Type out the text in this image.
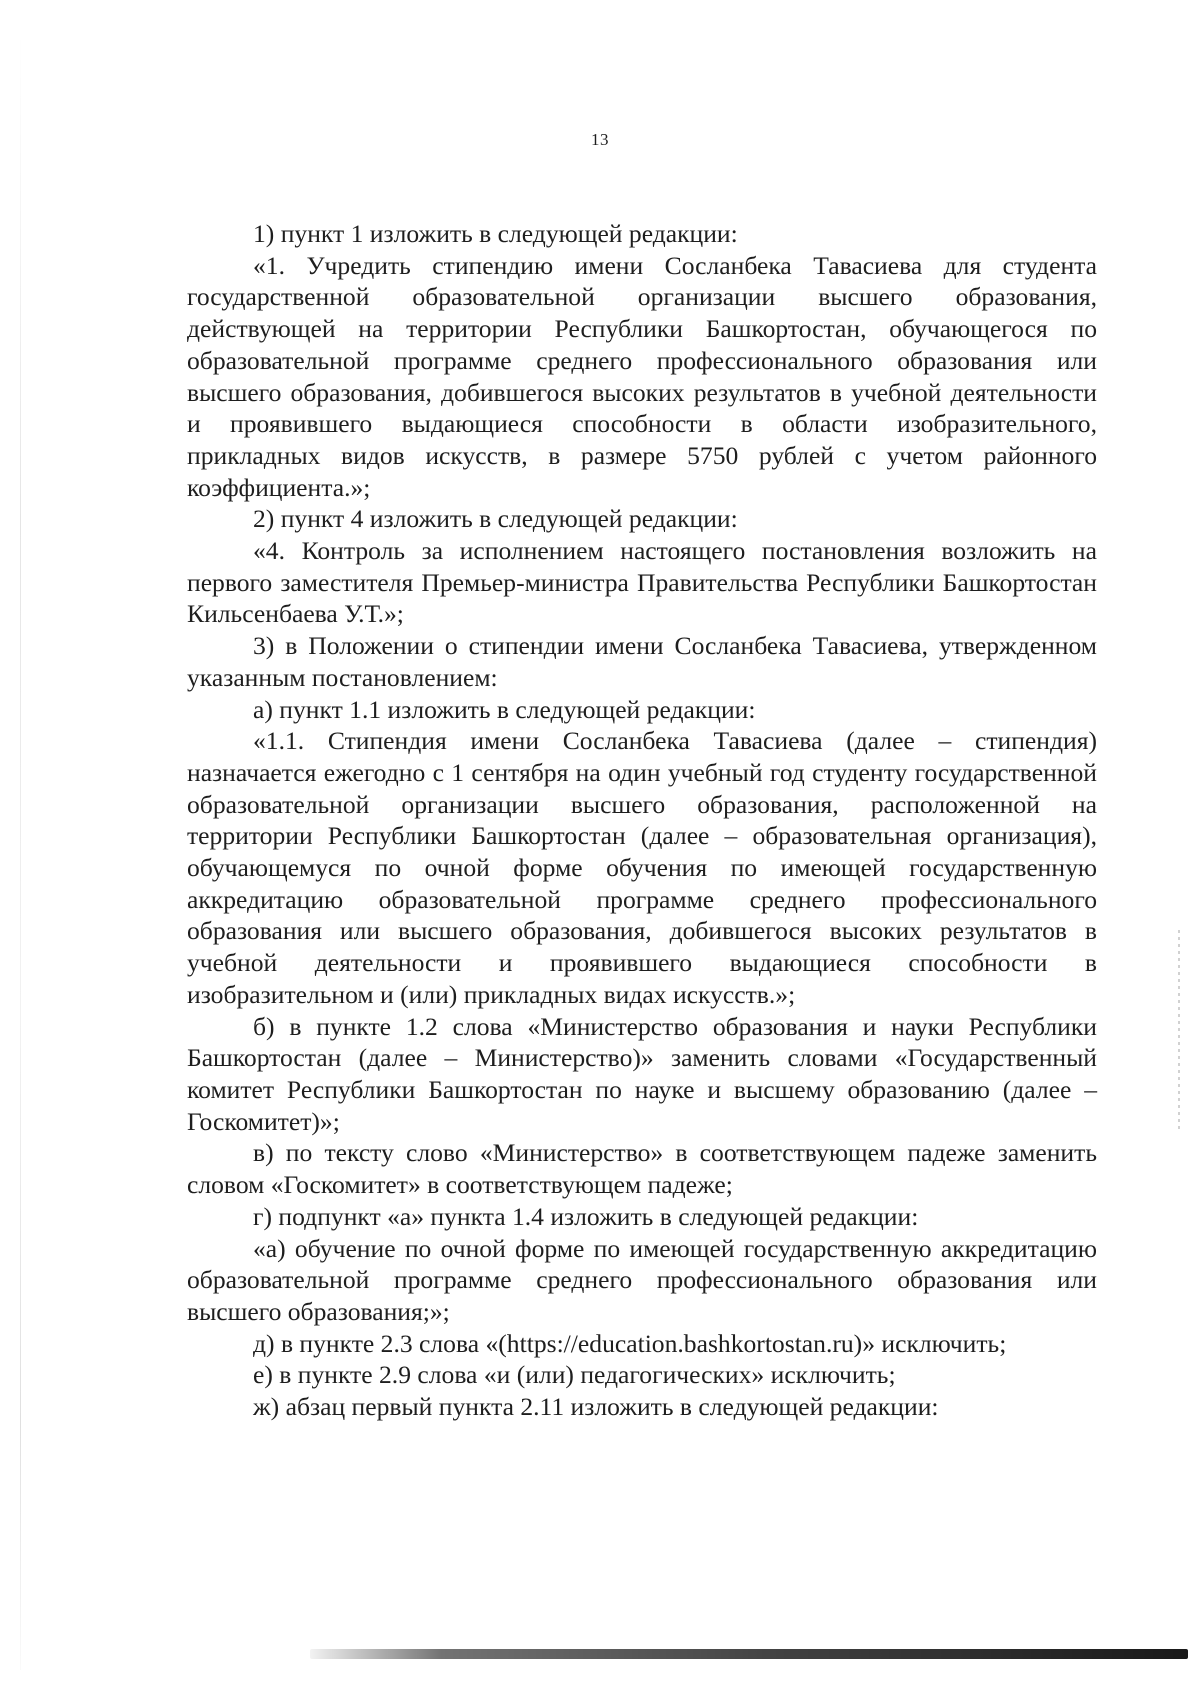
13

1) пункт 1 изложить в следующей редакции:

«1. Учредить стипендию имени Сосланбека Тавасиева для студента государственной образовательной организации высшего образования, действующей на территории Республики Башкортостан, обучающегося по образовательной программе среднего профессионального образования или высшего образования, добившегося высоких результатов в учебной деятельности и проявившего выдающиеся способности в области изобразительного, прикладных видов искусств, в размере 5750 рублей с учетом районного коэффициента.»;

2) пункт 4 изложить в следующей редакции:

«4. Контроль за исполнением настоящего постановления возложить на первого заместителя Премьер-министра Правительства Республики Башкортостан Кильсенбаева У.Т.»;

3) в Положении о стипендии имени Сосланбека Тавасиева, утвержденном указанным постановлением:

а) пункт 1.1 изложить в следующей редакции:

«1.1. Стипендия имени Сосланбека Тавасиева (далее – стипендия) назначается ежегодно с 1 сентября на один учебный год студенту государственной образовательной организации высшего образования, расположенной на территории Республики Башкортостан (далее – образовательная организация), обучающемуся по очной форме обучения по имеющей государственную аккредитацию образовательной программе среднего профессионального образования или высшего образования, добившегося высоких результатов в учебной деятельности и проявившего выдающиеся способности в изобразительном и (или) прикладных видах искусств.»;

б) в пункте 1.2 слова «Министерство образования и науки Республики Башкортостан (далее – Министерство)» заменить словами «Государственный комитет Республики Башкортостан по науке и высшему образованию (далее – Госкомитет)»;

в) по тексту слово «Министерство» в соответствующем падеже заменить словом «Госкомитет» в соответствующем падеже;

г) подпункт «а» пункта 1.4 изложить в следующей редакции:

«а) обучение по очной форме по имеющей государственную аккредитацию образовательной программе среднего профессионального образования или высшего образования;»;

д) в пункте 2.3 слова «(https://education.bashkortostan.ru)» исключить;

е) в пункте 2.9 слова «и (или) педагогических» исключить;

ж) абзац первый пункта 2.11 изложить в следующей редакции:
